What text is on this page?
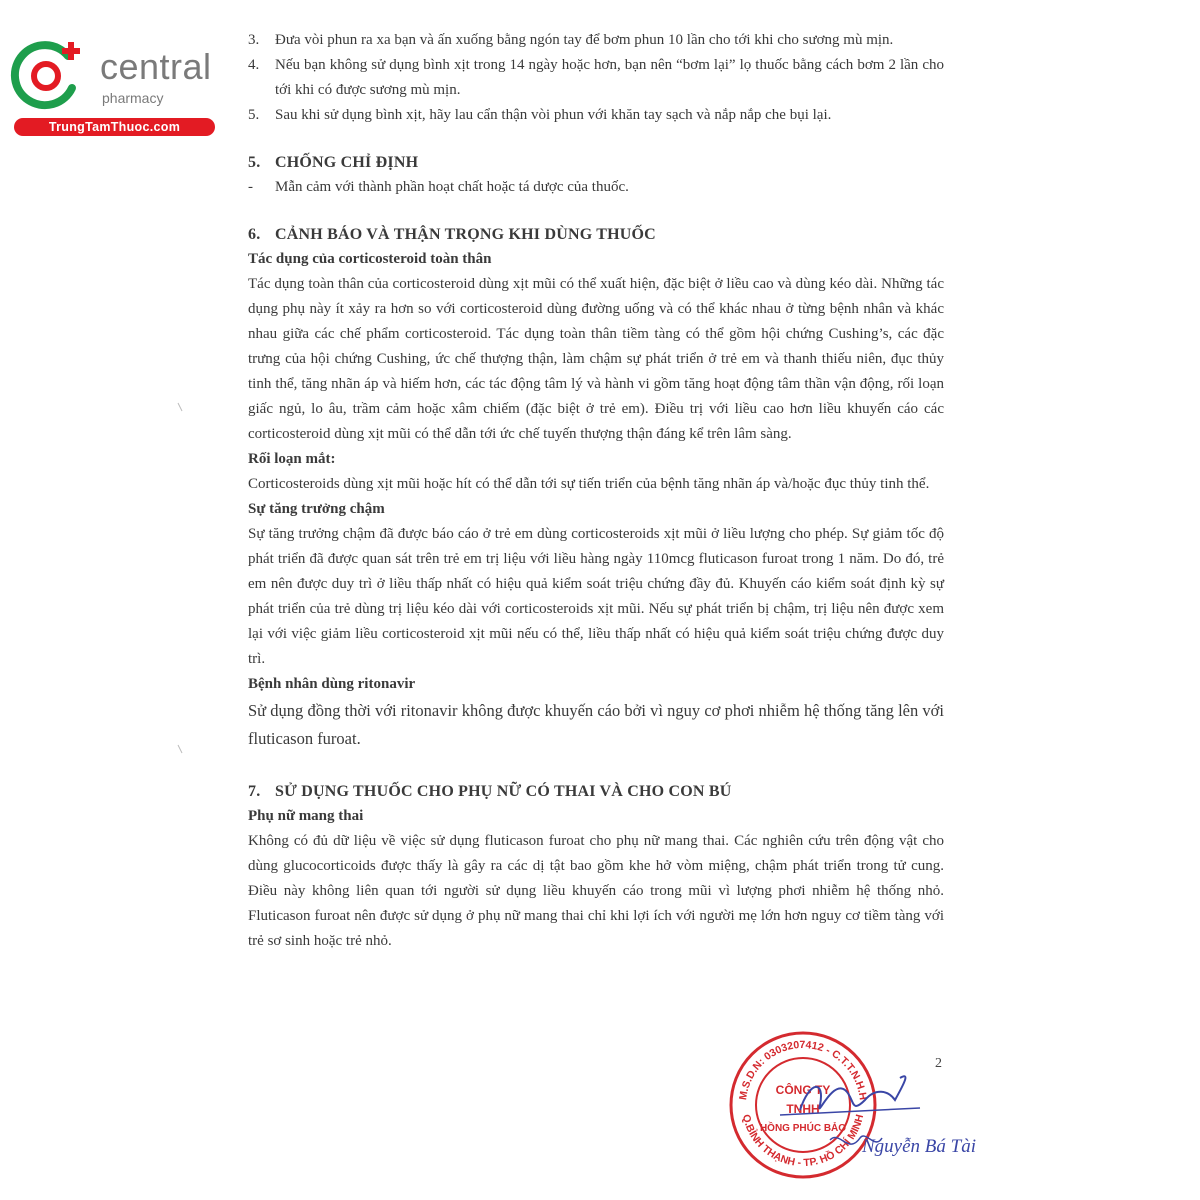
central
pharmacy
TrungTamThuoc.com
3.	Đưa vòi phun ra xa bạn và ấn xuống bằng ngón tay để bơm phun 10 lần cho tới khi cho sương mù mịn.
4.	Nếu bạn không sử dụng bình xịt trong 14 ngày hoặc hơn, bạn nên “bơm lại” lọ thuốc bằng cách bơm 2 lần cho tới khi có được sương mù mịn.
5.	Sau khi sử dụng bình xịt, hãy lau cẩn thận vòi phun với khăn tay sạch và nắp nắp che bụi lại.
5. CHỐNG CHỈ ĐỊNH
-	Mẫn cảm với thành phần hoạt chất hoặc tá dược của thuốc.
6. CẢNH BÁO VÀ THẬN TRỌNG KHI DÙNG THUỐC

Tác dụng của corticosteroid toàn thân

Tác dụng toàn thân của corticosteroid dùng xịt mũi có thể xuất hiện, đặc biệt ở liều cao và dùng kéo dài. Những tác dụng phụ này ít xảy ra hơn so với corticosteroid dùng đường uống và có thể khác nhau ở từng bệnh nhân và khác nhau giữa các chế phẩm corticosteroid. Tác dụng toàn thân tiềm tàng có thể gồm hội chứng Cushing’s, các đặc trưng của hội chứng Cushing, ức chế thượng thận, làm chậm sự phát triển ở trẻ em và thanh thiếu niên, đục thủy tinh thể, tăng nhãn áp và hiếm hơn, các tác động tâm lý và hành vi gồm tăng hoạt động tâm thần vận động, rối loạn giấc ngủ, lo âu, trầm cảm hoặc xâm chiếm (đặc biệt ở trẻ em). Điều trị với liều cao hơn liều khuyến cáo các corticosteroid dùng xịt mũi có thể dẫn tới ức chế tuyến thượng thận đáng kể trên lâm sàng.

Rối loạn mắt:

Corticosteroids dùng xịt mũi hoặc hít có thể dẫn tới sự tiến triển của bệnh tăng nhãn áp và/hoặc đục thủy tinh thể.

Sự tăng trưởng chậm

Sự tăng trưởng chậm đã được báo cáo ở trẻ em dùng corticosteroids xịt mũi ở liều lượng cho phép. Sự giảm tốc độ phát triển đã được quan sát trên trẻ em trị liệu với liều hàng ngày 110mcg fluticason furoat trong 1 năm. Do đó, trẻ em nên được duy trì ở liều thấp nhất có hiệu quả kiểm soát triệu chứng đầy đủ. Khuyến cáo kiểm soát định kỳ sự phát triển của trẻ dùng trị liệu kéo dài với corticosteroids xịt mũi. Nếu sự phát triển bị chậm, trị liệu nên được xem lại với việc giảm liều corticosteroid xịt mũi nếu có thể, liều thấp nhất có hiệu quả kiểm soát triệu chứng được duy trì.

Bệnh nhân dùng ritonavir

Sử dụng đồng thời với ritonavir không được khuyến cáo bởi vì nguy cơ phơi nhiễm hệ thống tăng lên với fluticason furoat.

7. SỬ DỤNG THUỐC CHO PHỤ NỮ CÓ THAI VÀ CHO CON BÚ

Phụ nữ mang thai

Không có đủ dữ liệu về việc sử dụng fluticason furoat cho phụ nữ mang thai. Các nghiên cứu trên động vật cho dùng glucocorticoids được thấy là gây ra các dị tật bao gồm khe hở vòm miệng, chậm phát triển trong tử cung. Điều này không liên quan tới người sử dụng liều khuyến cáo trong mũi vì lượng phơi nhiễm hệ thống nhỏ. Fluticason furoat nên được sử dụng ở phụ nữ mang thai chỉ khi lợi ích với người mẹ lớn hơn nguy cơ tiềm tàng với trẻ sơ sinh hoặc trẻ nhỏ.

2
M.S.D.N: 0303207412 - C.T.T.N.H.H
Q.BÌNH THẠNH - TP. HỒ CHÍ MINH
CÔNG TY
TNHH
HỒNG PHÚC BẢO
Nguyễn Bá Tài
